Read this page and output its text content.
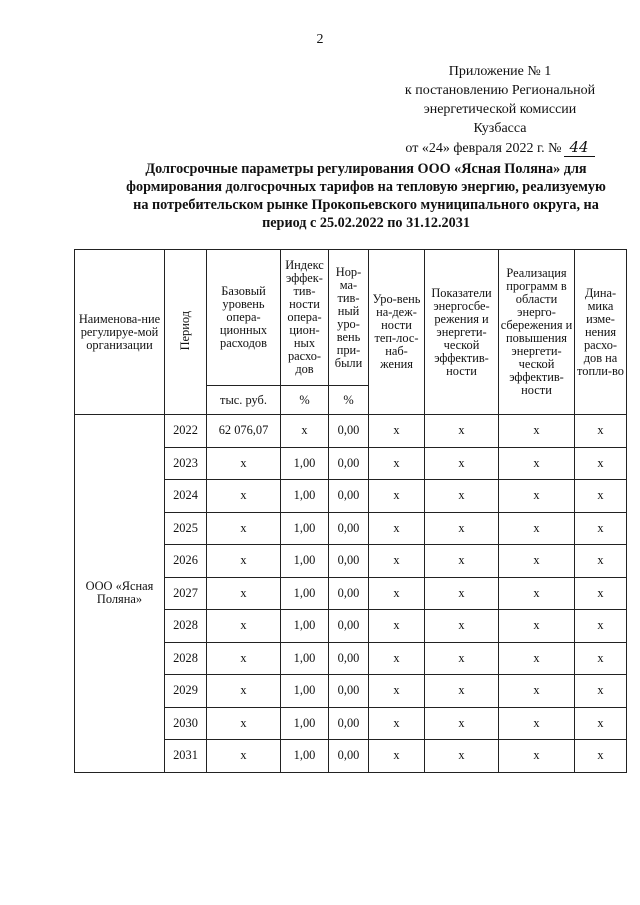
2
Приложение № 1
к постановлению Региональной
энергетической комиссии
Кузбасса
от «24» февраля 2022 г. № 44
Долгосрочные параметры регулирования ООО «Ясная Поляна» для
формирования долгосрочных тарифов на тепловую энергию, реализуемую
на потребительском рынке Прокопьевского муниципального округа, на
период с 25.02.2022 по 31.12.2031
Наименова-ние регулируе-мой организации	Период	Базовый уровень опера-ционных расходов	Индекс эффек-тив-ности опера-цион-ных расхо-дов	Нор-ма-тив-ный уро-вень при-были	Уро-вень на-деж-ности теп-лос-наб-жения	Показатели энергосбе-режения и энергети-ческой эффектив-ности	Реализация программ в области энерго-сбережения и повышения энергети-ческой эффектив-ности	Дина-мика изме-нения расхо-дов на топли-во
		тыс. руб.	%	%				
ООО «Ясная Поляна»	2022	62 076,07	х	0,00	х	х	х	х
	2023	х	1,00	0,00	х	х	х	х
	2024	х	1,00	0,00	х	х	х	х
	2025	х	1,00	0,00	х	х	х	х
	2026	х	1,00	0,00	х	х	х	х
	2027	х	1,00	0,00	х	х	х	х
	2028	х	1,00	0,00	х	х	х	х
	2028	х	1,00	0,00	х	х	х	х
	2029	х	1,00	0,00	х	х	х	х
	2030	х	1,00	0,00	х	х	х	х
	2031	х	1,00	0,00	х	х	х	х
